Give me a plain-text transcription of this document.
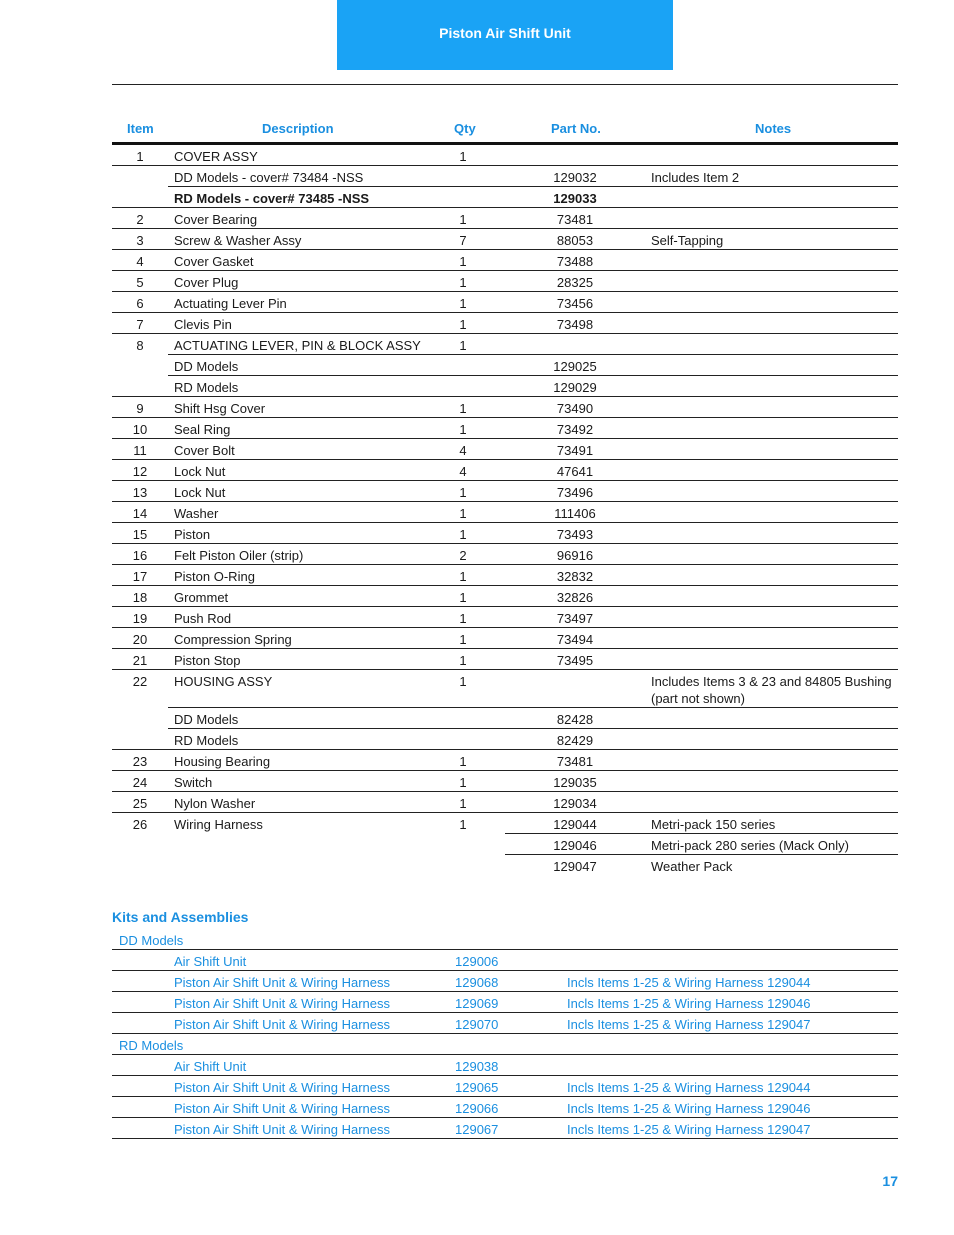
Piston Air Shift Unit
Item	Description	Qty	Part No.	Notes
1	COVER ASSY	1
DD Models - cover# 73484 -NSS	129032	Includes Item 2
RD Models - cover# 73485 -NSS	129033
2	Cover Bearing	1	73481
3	Screw & Washer Assy	7	88053	Self-Tapping
4	Cover Gasket	1	73488
5	Cover Plug	1	28325
6	Actuating Lever Pin	1	73456
7	Clevis Pin	1	73498
8	ACTUATING LEVER, PIN & BLOCK ASSY	1
DD Models	129025
RD Models	129029
9	Shift Hsg Cover	1	73490
10	Seal Ring	1	73492
11	Cover Bolt	4	73491
12	Lock Nut	4	47641
13	Lock Nut	1	73496
14	Washer	1	111406
15	Piston	1	73493
16	Felt Piston Oiler (strip)	2	96916
17	Piston O-Ring	1	32832
18	Grommet	1	32826
19	Push Rod	1	73497
20	Compression Spring	1	73494
21	Piston Stop	1	73495
22	HOUSING ASSY	1	Includes Items 3 & 23 and 84805 Bushing (part not shown)
DD Models	82428
RD Models	82429
23	Housing Bearing	1	73481
24	Switch	1	129035
25	Nylon Washer	1	129034
26	Wiring Harness	1	129044	Metri-pack 150 series
129046	Metri-pack 280 series (Mack Only)
129047	Weather Pack
Kits and Assemblies
DD Models
Air Shift Unit	129006
Piston Air Shift Unit & Wiring Harness	129068	Incls Items 1-25 & Wiring Harness 129044
Piston Air Shift Unit & Wiring Harness	129069	Incls Items 1-25 & Wiring Harness 129046
Piston Air Shift Unit & Wiring Harness	129070	Incls Items 1-25 & Wiring Harness 129047
RD Models
Air Shift Unit	129038
Piston Air Shift Unit & Wiring Harness	129065	Incls Items 1-25 & Wiring Harness 129044
Piston Air Shift Unit & Wiring Harness	129066	Incls Items 1-25 & Wiring Harness 129046
Piston Air Shift Unit & Wiring Harness	129067	Incls Items 1-25 & Wiring Harness 129047
17
